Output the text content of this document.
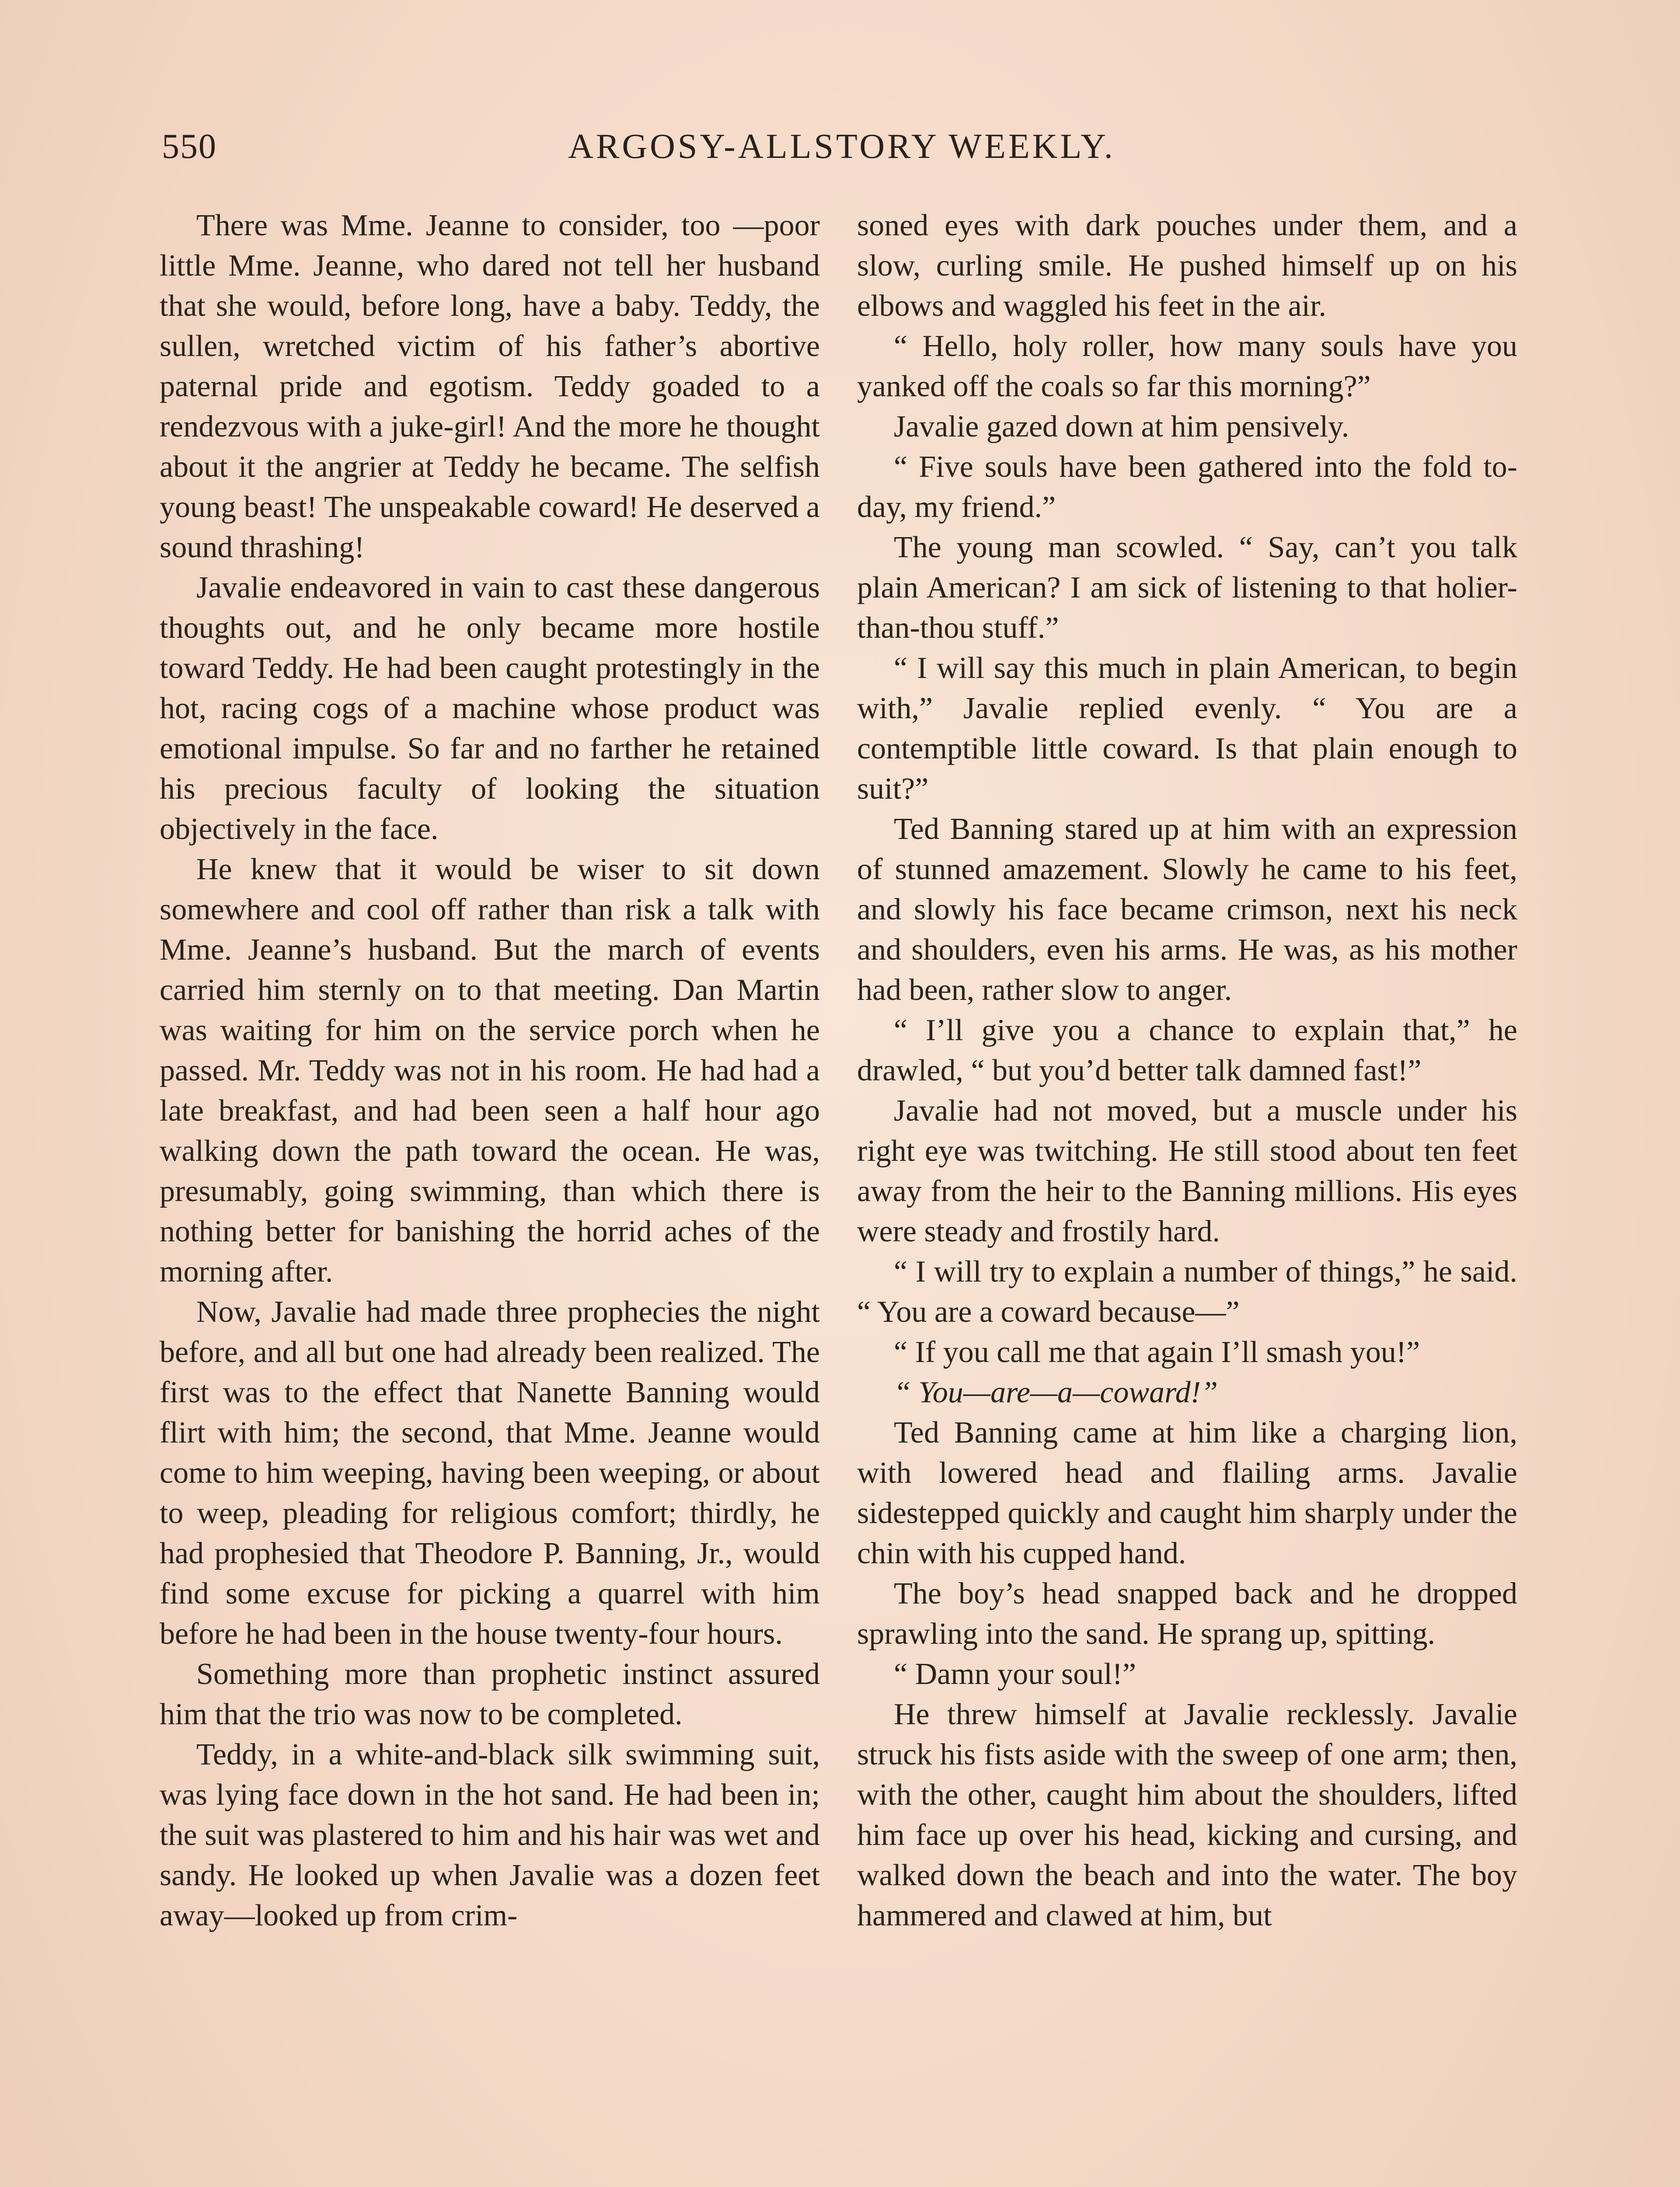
550	ARGOSY-ALLSTORY WEEKLY.

There was Mme. Jeanne to consider, too —poor little Mme. Jeanne, who dared not tell her husband that she would, before long, have a baby. Teddy, the sullen, wretched victim of his father’s abortive paternal pride and egotism. Teddy goaded to a rendezvous with a juke-girl! And the more he thought about it the angrier at Teddy he became. The selfish young beast! The unspeakable coward! He deserved a sound thrashing!

Javalie endeavored in vain to cast these dangerous thoughts out, and he only became more hostile toward Teddy. He had been caught protestingly in the hot, racing cogs of a machine whose product was emotional impulse. So far and no farther he retained his precious faculty of looking the situation objectively in the face.

He knew that it would be wiser to sit down somewhere and cool off rather than risk a talk with Mme. Jeanne’s husband. But the march of events carried him sternly on to that meeting. Dan Martin was waiting for him on the service porch when he passed. Mr. Teddy was not in his room. He had had a late breakfast, and had been seen a half hour ago walking down the path toward the ocean. He was, presumably, going swimming, than which there is nothing better for banishing the horrid aches of the morning after.

Now, Javalie had made three prophecies the night before, and all but one had already been realized. The first was to the effect that Nanette Banning would flirt with him; the second, that Mme. Jeanne would come to him weeping, having been weeping, or about to weep, pleading for religious comfort; thirdly, he had prophesied that Theodore P. Banning, Jr., would find some excuse for picking a quarrel with him before he had been in the house twenty-four hours.

Something more than prophetic instinct assured him that the trio was now to be completed.

Teddy, in a white-and-black silk swimming suit, was lying face down in the hot sand. He had been in; the suit was plastered to him and his hair was wet and sandy. He looked up when Javalie was a dozen feet away—looked up from crim-

soned eyes with dark pouches under them, and a slow, curling smile. He pushed himself up on his elbows and waggled his feet in the air.

“ Hello, holy roller, how many souls have you yanked off the coals so far this morning?”

Javalie gazed down at him pensively.

“ Five souls have been gathered into the fold to-day, my friend.”

The young man scowled. “ Say, can’t you talk plain American? I am sick of listening to that holier-than-thou stuff.”

“ I will say this much in plain American, to begin with,” Javalie replied evenly. “ You are a contemptible little coward. Is that plain enough to suit?”

Ted Banning stared up at him with an expression of stunned amazement. Slowly he came to his feet, and slowly his face became crimson, next his neck and shoulders, even his arms. He was, as his mother had been, rather slow to anger.

“ I’ll give you a chance to explain that,” he drawled, “ but you’d better talk damned fast!”

Javalie had not moved, but a muscle under his right eye was twitching. He still stood about ten feet away from the heir to the Banning millions. His eyes were steady and frostily hard.

“ I will try to explain a number of things,” he said. “ You are a coward because—”

“ If you call me that again I’ll smash you!”

“ You—are—a—coward!”

Ted Banning came at him like a charging lion, with lowered head and flailing arms. Javalie sidestepped quickly and caught him sharply under the chin with his cupped hand.

The boy’s head snapped back and he dropped sprawling into the sand. He sprang up, spitting.

“ Damn your soul!”

He threw himself at Javalie recklessly. Javalie struck his fists aside with the sweep of one arm; then, with the other, caught him about the shoulders, lifted him face up over his head, kicking and cursing, and walked down the beach and into the water. The boy hammered and clawed at him, but
